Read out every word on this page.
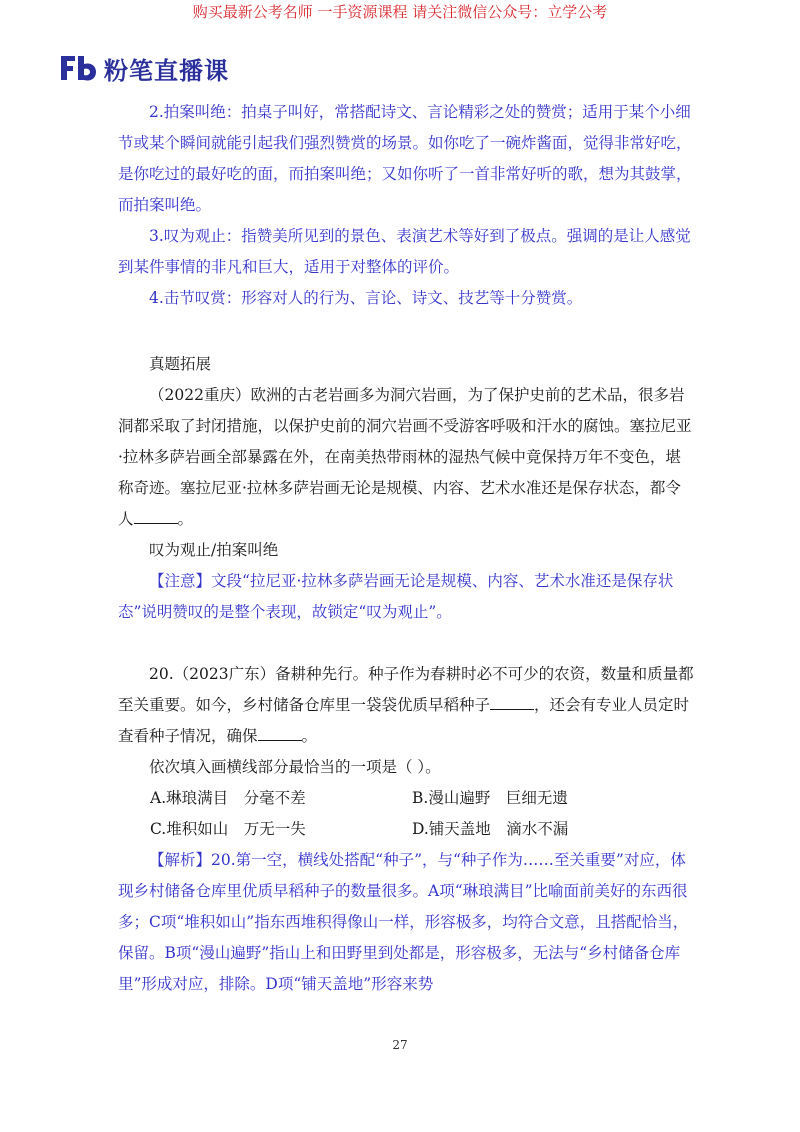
购买最新公考名师 一手资源课程 请关注微信公众号：立学公考
粉笔直播课

2.拍案叫绝：拍桌子叫好，常搭配诗文、言论精彩之处的赞赏；适用于某个小细节或某个瞬间就能引起我们强烈赞赏的场景。如你吃了一碗炸酱面，觉得非常好吃，是你吃过的最好吃的面，而拍案叫绝；又如你听了一首非常好听的歌，想为其鼓掌，而拍案叫绝。

3.叹为观止：指赞美所见到的景色、表演艺术等好到了极点。强调的是让人感觉到某件事情的非凡和巨大，适用于对整体的评价。

4.击节叹赏：形容对人的行为、言论、诗文、技艺等十分赞赏。

真题拓展

（2022重庆）欧洲的古老岩画多为洞穴岩画，为了保护史前的艺术品，很多岩洞都采取了封闭措施，以保护史前的洞穴岩画不受游客呼吸和汗水的腐蚀。塞拉尼亚·拉林多萨岩画全部暴露在外，在南美热带雨林的湿热气候中竟保持万年不变色，堪称奇迹。塞拉尼亚·拉林多萨岩画无论是规模、内容、艺术水准还是保存状态，都令人	。

叹为观止/拍案叫绝

【注意】文段“拉尼亚·拉林多萨岩画无论是规模、内容、艺术水准还是保存状态”说明赞叹的是整个表现，故锁定“叹为观止”。

20.（2023广东）备耕种先行。种子作为春耕时必不可少的农资，数量和质量都至关重要。如今，乡村储备仓库里一袋袋优质早稻种子	，还会有专业人员定时查看种子情况，确保	。

依次填入画横线部分最恰当的一项是（ ）。

A.琳琅满目　分毫不差	B.漫山遍野　巨细无遗
C.堆积如山　万无一失	D.铺天盖地　滴水不漏

【解析】20.第一空，横线处搭配“种子”，与“种子作为……至关重要”对应，体现乡村储备仓库里优质早稻种子的数量很多。A项“琳琅满目”比喻面前美好的东西很多；C项“堆积如山”指东西堆积得像山一样，形容极多，均符合文意，且搭配恰当，保留。B项“漫山遍野”指山上和田野里到处都是，形容极多，无法与“乡村储备仓库里”形成对应，排除。D项“铺天盖地”形容来势

27
